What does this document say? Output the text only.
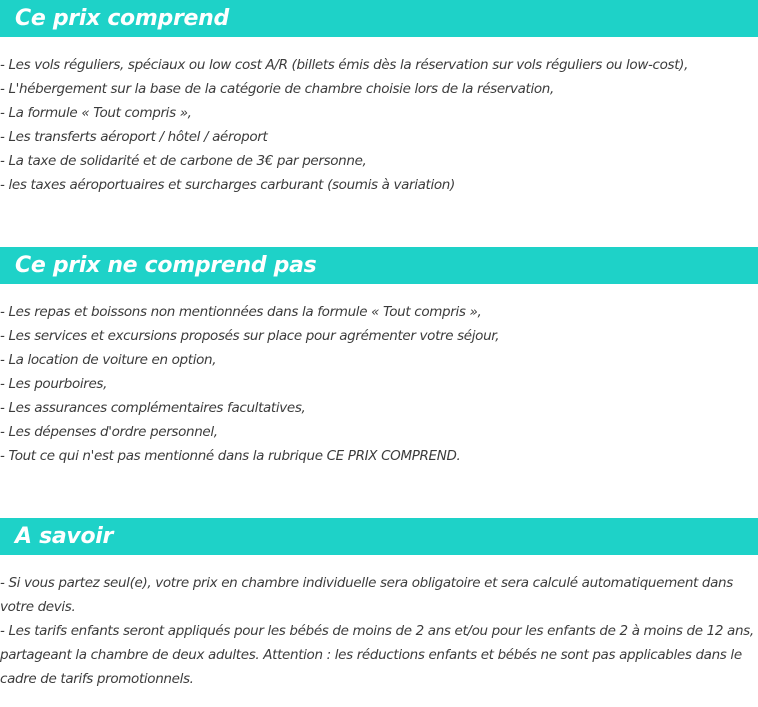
Ce prix comprend
- Les vols réguliers, spéciaux ou low cost A/R (billets émis dès la réservation sur vols réguliers ou low-cost),
- L'hébergement sur la base de la catégorie de chambre choisie lors de la réservation,
- La formule « Tout compris »,
- Les transferts aéroport / hôtel / aéroport
- La taxe de solidarité et de carbone de 3€ par personne,
- les taxes aéroportuaires et surcharges carburant (soumis à variation)
Ce prix ne comprend pas
- Les repas et boissons non mentionnées dans la formule « Tout compris »,
- Les services et excursions proposés sur place pour agrémenter votre séjour,
- La location de voiture en option,
- Les pourboires,
- Les assurances complémentaires facultatives,
- Les dépenses d'ordre personnel,
- Tout ce qui n'est pas mentionné dans la rubrique CE PRIX COMPREND.
A savoir
- Si vous partez seul(e), votre prix en chambre individuelle sera obligatoire et sera calculé automatiquement dans votre devis.
- Les tarifs enfants seront appliqués pour les bébés de moins de 2 ans et/ou pour les enfants de 2 à moins de 12 ans, partageant la chambre de deux adultes. Attention : les réductions enfants et bébés ne sont pas applicables dans le cadre de tarifs promotionnels.
